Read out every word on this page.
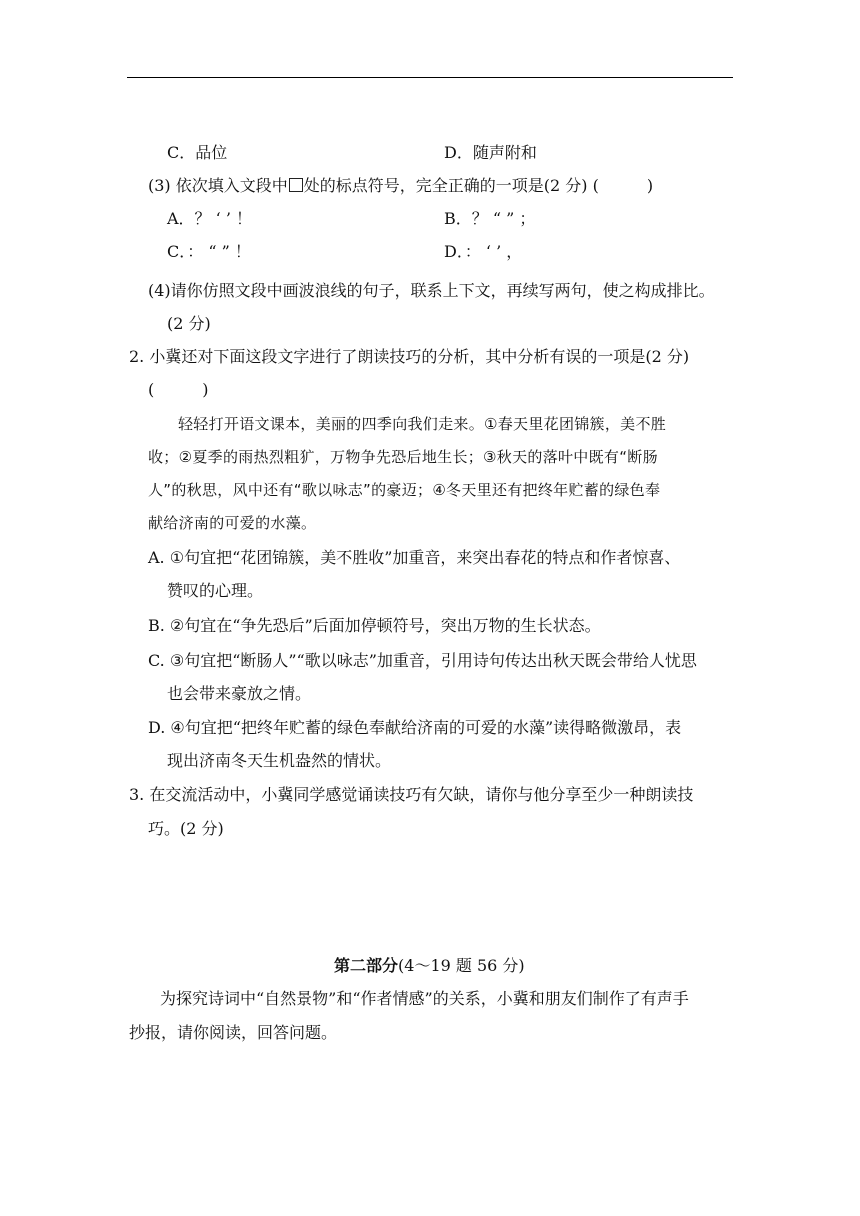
C．品位	D．随声附和
(3) 依次填入文段中 处的标点符号，完全正确的一项是(2 分) (　　　)
A．？ ‘ ’ ！	B．？ “ ” ；
C．： “ ” ！	D．： ‘ ’ ，
(4)请你仿照文段中画波浪线的句子，联系上下文，再续写两句，使之构成排比。
(2 分)
2. 小冀还对下面这段文字进行了朗读技巧的分析，其中分析有误的一项是(2 分)
(　　　)
轻轻打开语文课本，美丽的四季向我们走来。①春天里花团锦簇，美不胜
收；②夏季的雨热烈粗犷，万物争先恐后地生长；③秋天的落叶中既有“断肠
人”的秋思，风中还有“歌以咏志”的豪迈；④冬天里还有把终年贮蓄的绿色奉
献给济南的可爱的水藻。
A. ①句宜把“花团锦簇，美不胜收”加重音，来突出春花的特点和作者惊喜、
赞叹的心理。
B. ②句宜在“争先恐后”后面加停顿符号，突出万物的生长状态。
C. ③句宜把“断肠人”“歌以咏志”加重音，引用诗句传达出秋天既会带给人忧思
也会带来豪放之情。
D. ④句宜把“把终年贮蓄的绿色奉献给济南的可爱的水藻”读得略微激昂，表
现出济南冬天生机盎然的情状。
3. 在交流活动中，小冀同学感觉诵读技巧有欠缺，请你与他分享至少一种朗读技
巧。(2 分)
第二部分(4～19 题 56 分)
为探究诗词中“自然景物”和“作者情感”的关系，小冀和朋友们制作了有声手
抄报，请你阅读，回答问题。
